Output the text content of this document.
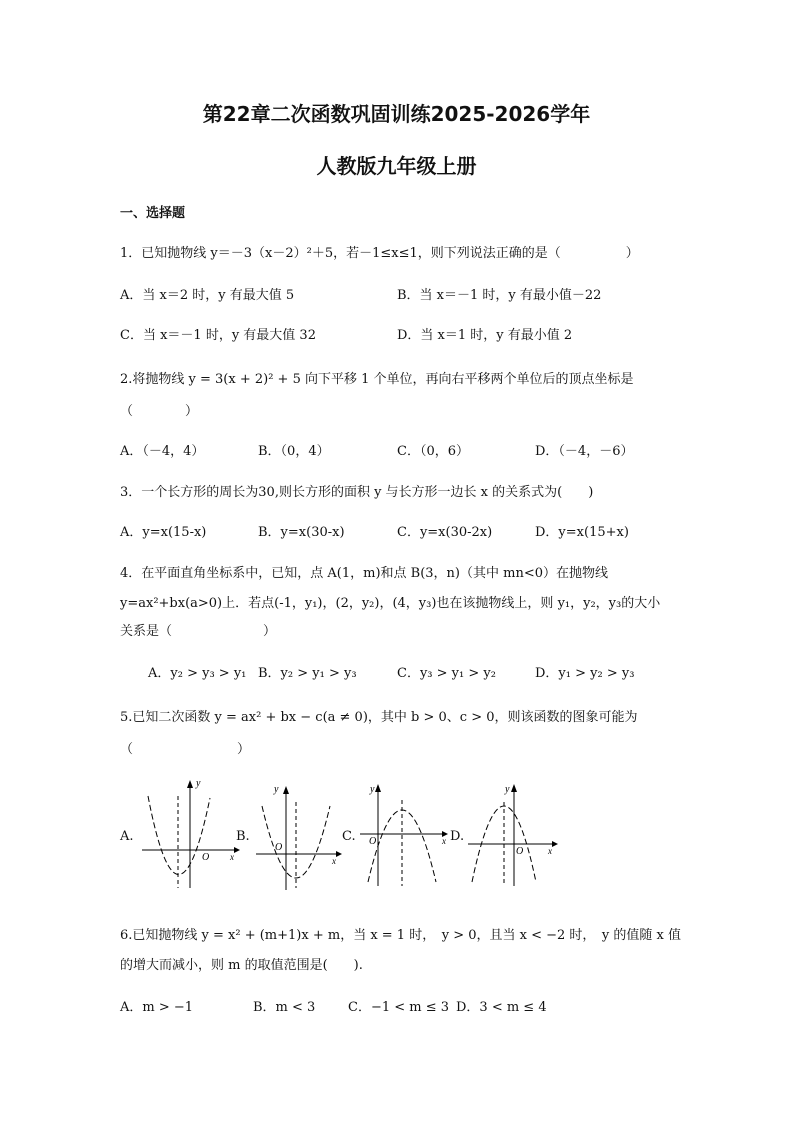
第22章二次函数巩固训练2025-2026学年
人教版九年级上册
一、选择题
1．已知抛物线 y＝－3（x－2）²＋5，若－1≤x≤1，则下列说法正确的是（　　　　　）
A．当 x＝2 时，y 有最大值 5	B．当 x＝－1 时，y 有最小值－22
C．当 x＝－1 时，y 有最大值 32	D．当 x＝1 时，y 有最小值 2
2.将抛物线 y = 3(x + 2)² + 5 向下平移 1 个单位，再向右平移两个单位后的顶点坐标是
（　　　　）
A．（－4，4）	B．（0，4）	C．（0，6）	D．（－4，－6）
3．一个长方形的周长为30,则长方形的面积 y 与长方形一边长 x 的关系式为(　　)
A．y=x(15-x)	B．y=x(30-x)	C．y=x(30-2x)	D．y=x(15+x)
4．在平面直角坐标系中，已知，点 A(1，m)和点 B(3，n)（其中 mn<0）在抛物线
y=ax²+bx(a>0)上．若点(-1，y₁)，(2，y₂)，(4，y₃)也在该抛物线上，则 y₁，y₂，y₃的大小
关系是（　　　　　　　）
A．y₂ > y₃ > y₁ B．y₂ > y₁ > y₃	C．y₃ > y₁ > y₂	D．y₁ > y₂ > y₃
5.已知二次函数 y = ax² + bx − c(a ≠ 0)，其中 b > 0、c > 0，则该函数的图象可能为
（　　　　　　　　）
A.	B.	C.	D.
y
x
O
y
x
O
y
x
O
y
x
O
6.已知抛物线 y = x² + (m+1)x + m，当 x = 1 时，　y > 0，且当 x < −2 时，　y 的值随 x 值
的增大而减小，则 m 的取值范围是(　　).
A．m > −1	B．m < 3	C．−1 < m ≤ 3 D．3 < m ≤ 4
